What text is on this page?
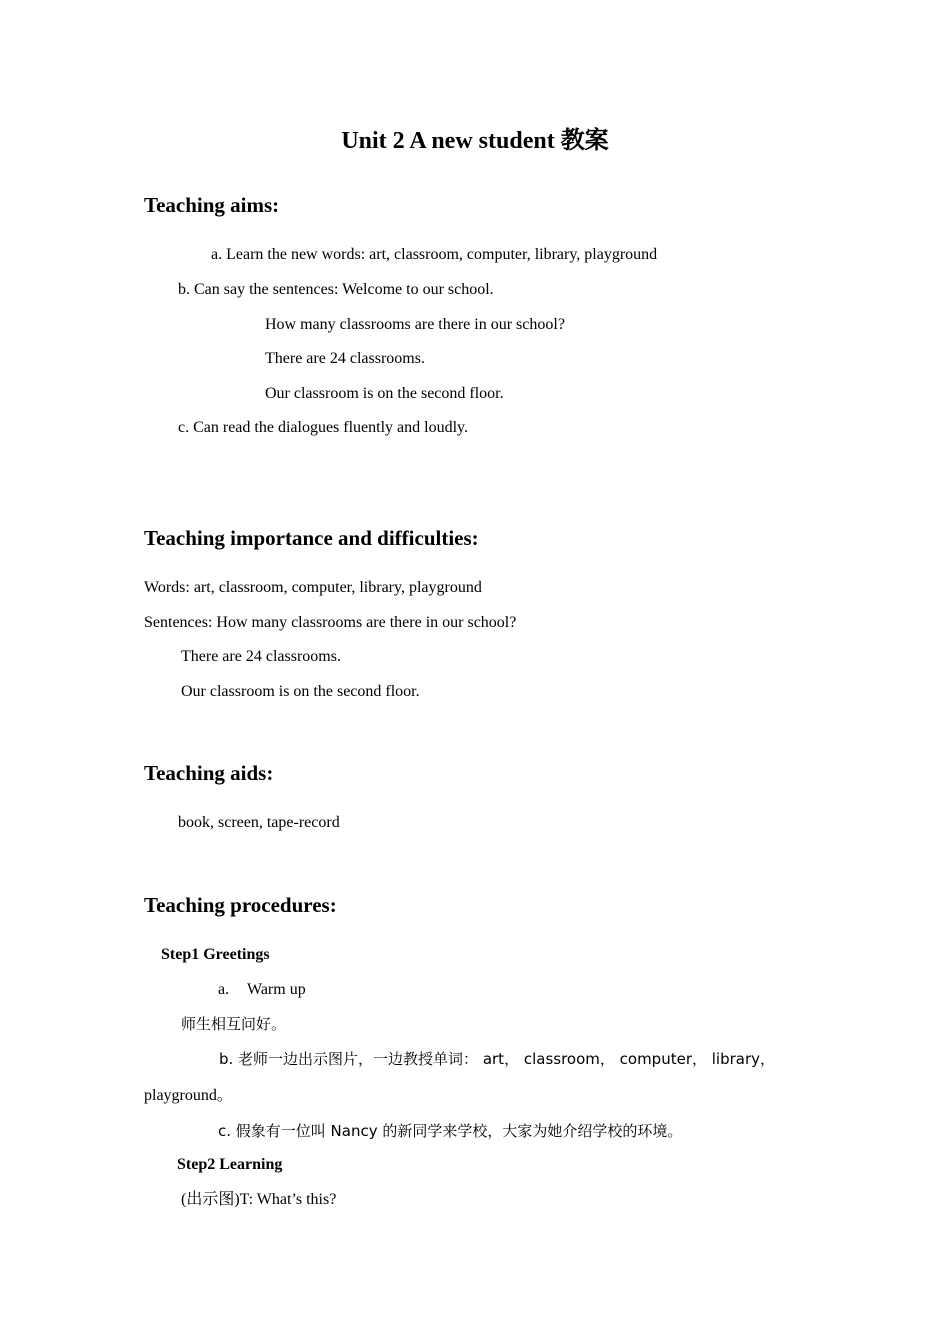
Unit 2 A new student 教案
Teaching aims:
a. Learn the new words: art, classroom, computer, library, playground
b. Can say the sentences: Welcome to our school.
How many classrooms are there in our school?
There are 24 classrooms.
Our classroom is on the second floor.
c. Can read the dialogues fluently and loudly.
Teaching importance and difficulties:
Words: art, classroom, computer, library, playground
Sentences: How many classrooms are there in our school?
There are 24 classrooms.
Our classroom is on the second floor.
Teaching aids:
book, screen, tape-record
Teaching procedures:
Step1 Greetings
a. Warm up
师生相互问好。
b. 老师一边出示图片，一边教授单词： art， classroom， computer， library，
playground。
c. 假象有一位叫 Nancy 的新同学来学校，大家为她介绍学校的环境。
Step2 Learning
(出示图)T: What’s this?
